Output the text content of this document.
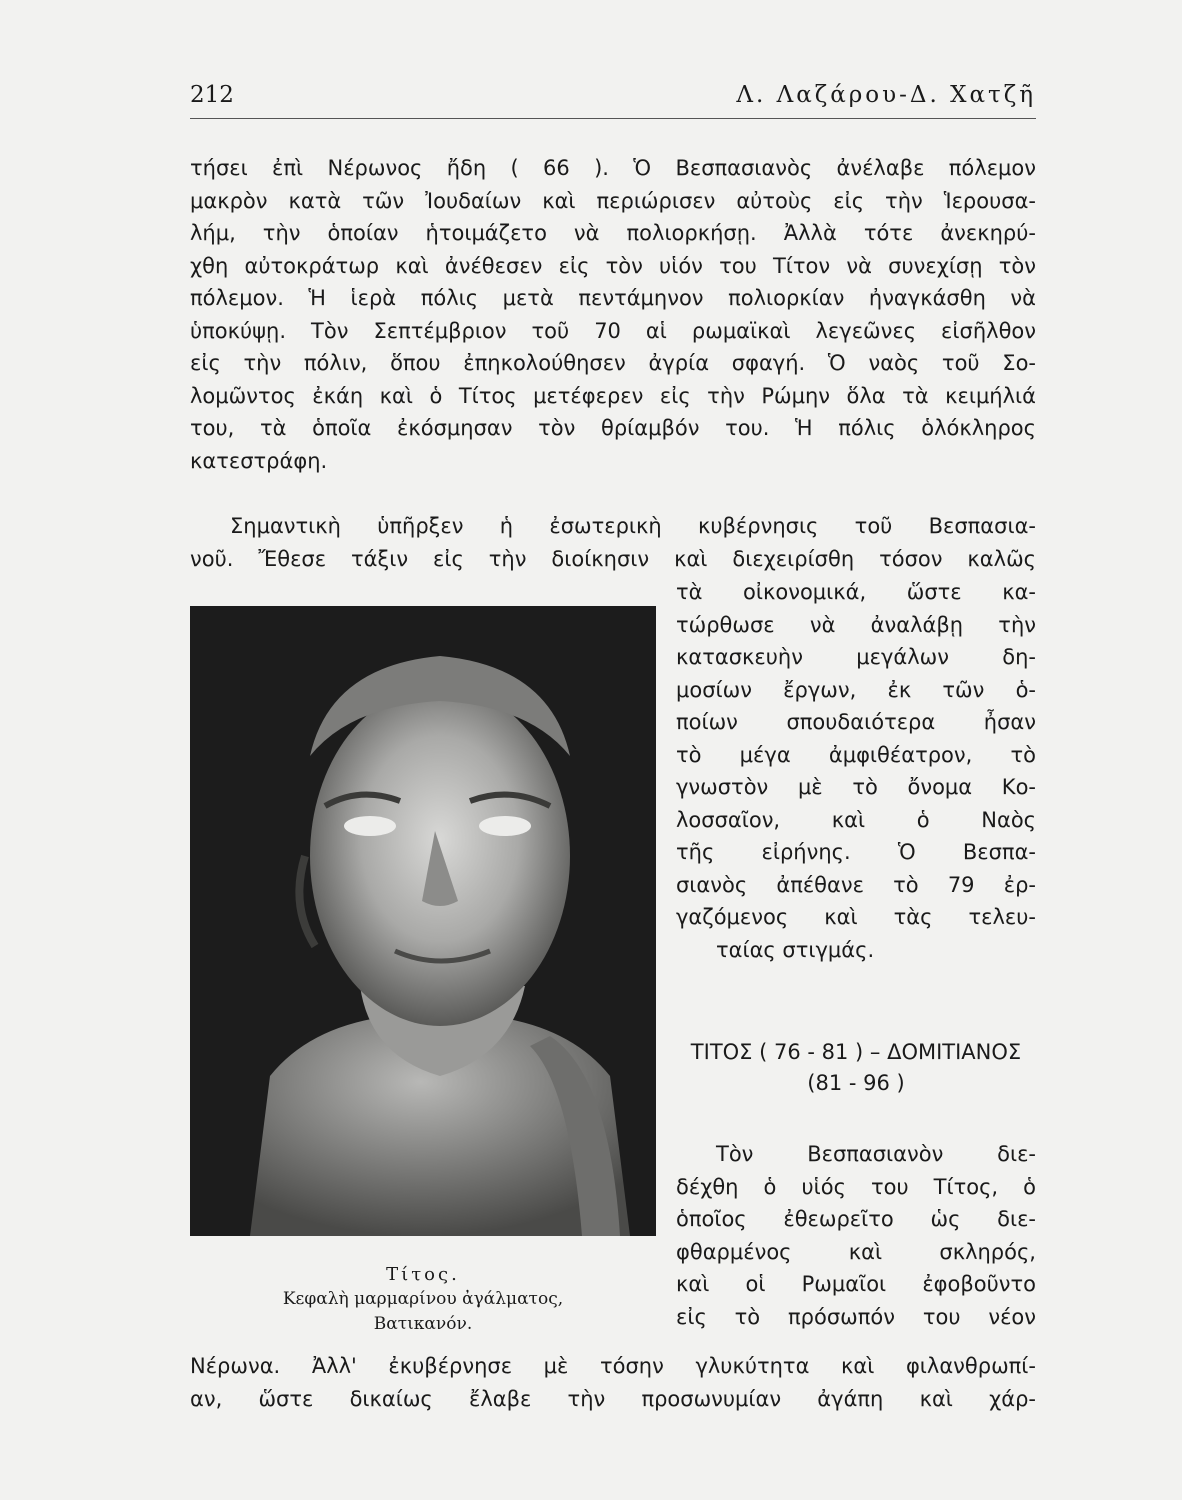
212	Λ. Λαζάρου-Δ. Χατζῆ

τήσει ἐπὶ Νέρωνος ἤδη ( 66 ). Ὁ Βεσπασιανὸς ἀνέλαβε πόλεμον

μακρὸν κατὰ τῶν Ἰουδαίων καὶ περιώρισεν αὐτοὺς εἰς τὴν Ἱερουσα-

λήμ, τὴν ὁποίαν ἡτοιμάζετο νὰ πολιορκήσῃ. Ἀλλὰ τότε ἀνεκηρύ-

χθη αὐτοκράτωρ καὶ ἀνέθεσεν εἰς τὸν υἱόν του Τίτον νὰ συνεχίσῃ τὸν

πόλεμον. Ἡ ἱερὰ πόλις μετὰ πεντάμηνον πολιορκίαν ἠναγκάσθη νὰ

ὑποκύψῃ. Τὸν Σεπτέμβριον τοῦ 70 αἱ ρωμαϊκαὶ λεγεῶνες εἰσῆλθον

εἰς τὴν πόλιν, ὅπου ἐπηκολούθησεν ἀγρία σφαγή. Ὁ ναὸς τοῦ Σο-

λομῶντος ἐκάη καὶ ὁ Τίτος μετέφερεν εἰς τὴν Ρώμην ὅλα τὰ κειμήλιά

του, τὰ ὁποῖα ἐκόσμησαν τὸν θρίαμβόν του. Ἡ πόλις ὁλόκληρος

κατεστράφη.

Σημαντικὴ ὑπῆρξεν ἡ ἐσωτερικὴ κυβέρνησις τοῦ Βεσπασια-

νοῦ. Ἔθεσε τάξιν εἰς τὴν διοίκησιν καὶ διεχειρίσθη τόσον καλῶς

τὰ οἰκονομικά, ὥστε κα-

τώρθωσε νὰ ἀναλάβῃ τὴν

κατασκευὴν μεγάλων δη-

μοσίων ἔργων, ἐκ τῶν ὁ-

ποίων σπουδαιότερα ἦσαν

τὸ μέγα ἀμφιθέατρον, τὸ

γνωστὸν μὲ τὸ ὄνομα Κο-

λοσσαῖον, καὶ ὁ Ναὸς

τῆς εἰρήνης. Ὁ Βεσπα-

σιανὸς ἀπέθανε τὸ 79 ἐρ-

γαζόμενος καὶ τὰς τελευ-

ταίας στιγμάς.

ΤΙΤΟΣ ( 76 - 81 ) – ΔΟΜΙΤΙΑΝΟΣ
(81 - 96 )

Τὸν Βεσπασιανὸν διε-

δέχθη ὁ υἱός του Τίτος, ὁ

ὁποῖος ἐθεωρεῖτο ὡς διε-

φθαρμένος καὶ σκληρός,

καὶ οἱ Ρωμαῖοι ἐφοβοῦντο

εἰς τὸ πρόσωπόν του νέον

Τίτος.
Κεφαλὴ μαρμαρίνου ἀγάλματος,
Βατικανόν.

Νέρωνα. Ἀλλ' ἐκυβέρνησε μὲ τόσην γλυκύτητα καὶ φιλανθρωπί-

αν, ὥστε δικαίως ἔλαβε τὴν προσωνυμίαν ἀγάπη καὶ χάρ-
